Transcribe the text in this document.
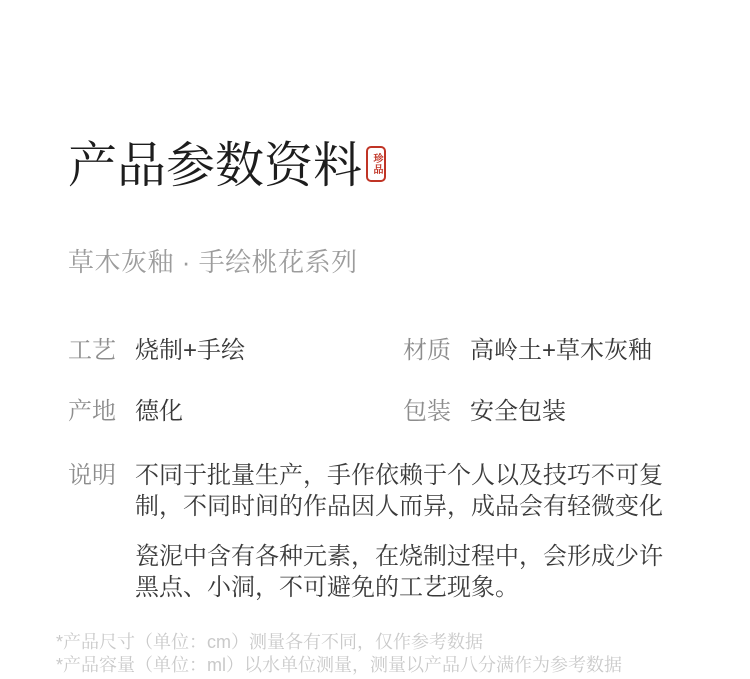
产品参数资料 珍品
草木灰釉 · 手绘桃花系列
工艺 烧制+手绘	材质 高岭土+草木灰釉
产地 德化	包装 安全包装
说明 不同于批量生产，手作依赖于个人以及技巧不可复制，不同时间的作品因人而异，成品会有轻微变化

瓷泥中含有各种元素，在烧制过程中，会形成少许黑点、小洞，不可避免的工艺现象。

*产品尺寸（单位：cm）测量各有不同，仅作参考数据

*产品容量（单位：ml）以水单位测量，测量以产品八分满作为参考数据
